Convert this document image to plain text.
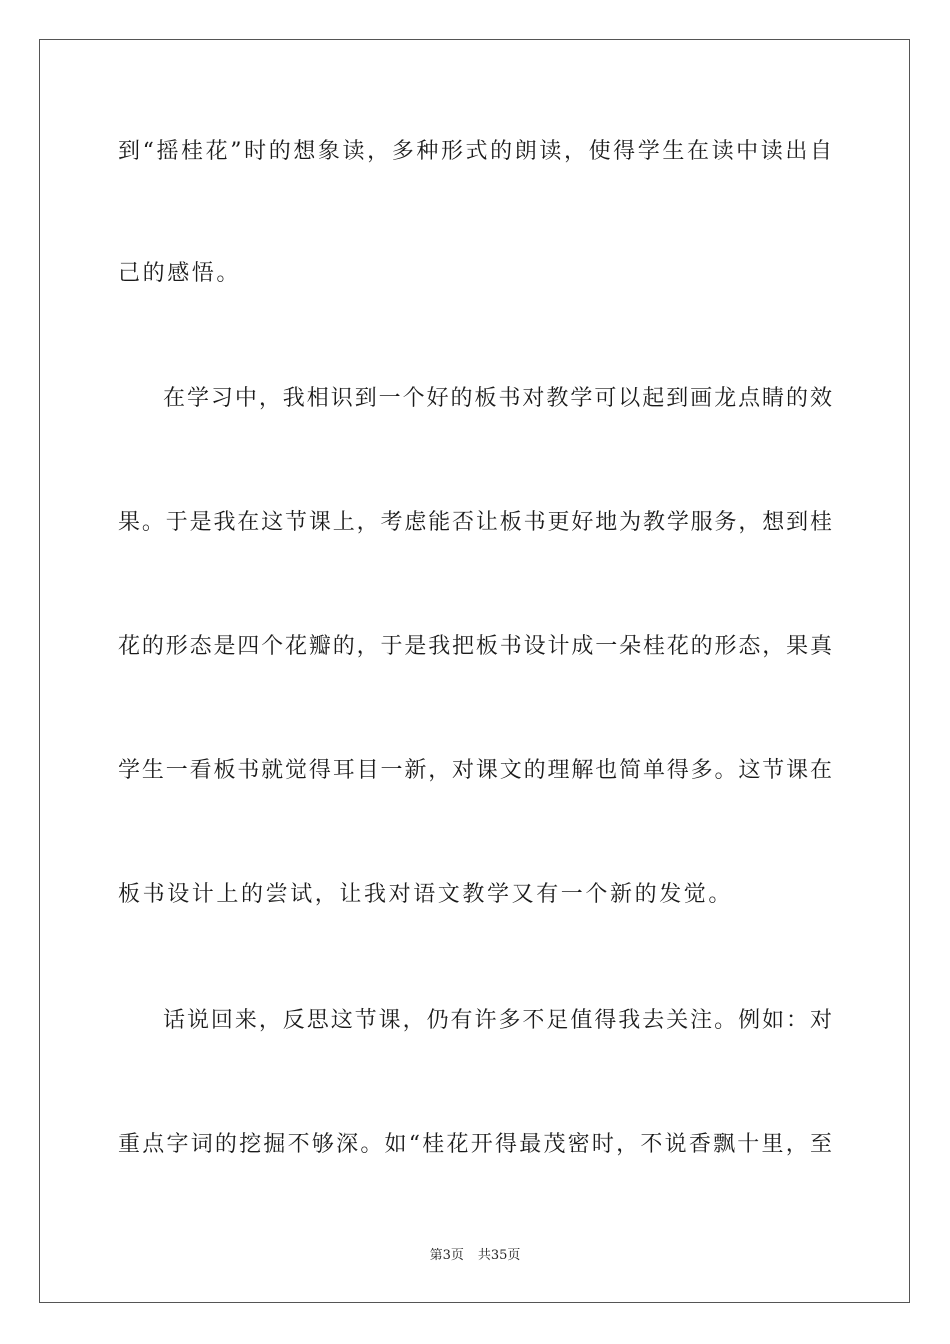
到“摇桂花”时的想象读，多种形式的朗读，使得学生在读中读出自
己的感悟。
在学习中，我相识到一个好的板书对教学可以起到画龙点睛的效
果。于是我在这节课上，考虑能否让板书更好地为教学服务，想到桂
花的形态是四个花瓣的，于是我把板书设计成一朵桂花的形态，果真
学生一看板书就觉得耳目一新，对课文的理解也简单得多。这节课在
板书设计上的尝试，让我对语文教学又有一个新的发觉。
话说回来，反思这节课，仍有许多不足值得我去关注。例如：对
重点字词的挖掘不够深。如“桂花开得最茂密时，不说香飘十里，至
第3页 共35页
